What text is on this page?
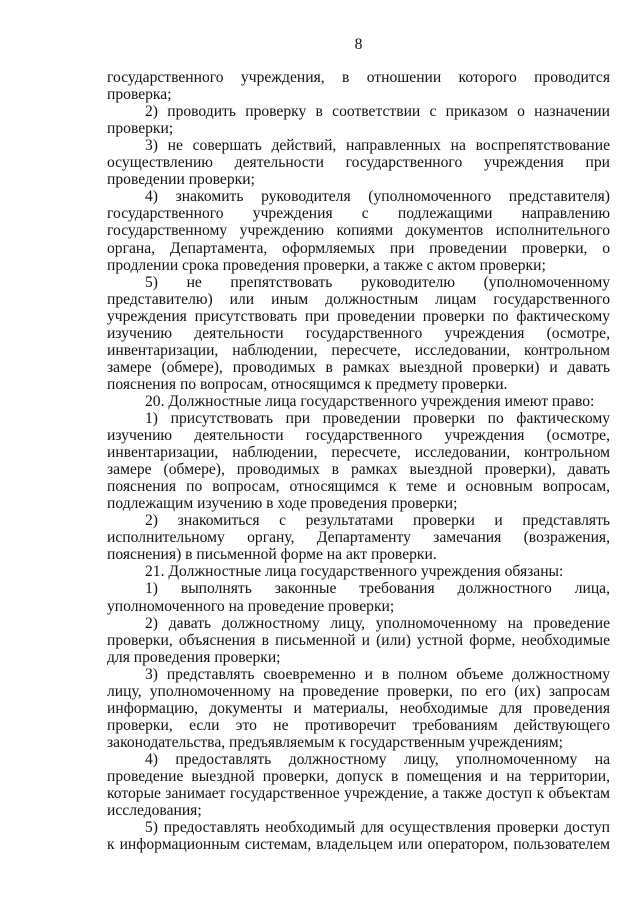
8

государственного учреждения, в отношении которого проводится проверка;

2) проводить проверку в соответствии с приказом о назначении проверки;

3) не совершать действий, направленных на воспрепятствование осуществлению деятельности государственного учреждения при проведении проверки;

4) знакомить руководителя (уполномоченного представителя) государственного учреждения с подлежащими направлению государственному учреждению копиями документов исполнительного органа, Департамента, оформляемых при проведении проверки, о продлении срока проведения проверки, а также с актом проверки;

5) не препятствовать руководителю (уполномоченному представителю) или иным должностным лицам государственного учреждения присутствовать при проведении проверки по фактическому изучению деятельности государственного учреждения (осмотре, инвентаризации, наблюдении, пересчете, исследовании, контрольном замере (обмере), проводимых в рамках выездной проверки) и давать пояснения по вопросам, относящимся к предмету проверки.

20. Должностные лица государственного учреждения имеют право:

1) присутствовать при проведении проверки по фактическому изучению деятельности государственного учреждения (осмотре, инвентаризации, наблюдении, пересчете, исследовании, контрольном замере (обмере), проводимых в рамках выездной проверки), давать пояснения по вопросам, относящимся к теме и основным вопросам, подлежащим изучению в ходе проведения проверки;

2) знакомиться с результатами проверки и представлять исполнительному органу, Департаменту замечания (возражения, пояснения) в письменной форме на акт проверки.

21. Должностные лица государственного учреждения обязаны:

1) выполнять законные требования должностного лица, уполномоченного на проведение проверки;

2) давать должностному лицу, уполномоченному на проведение проверки, объяснения в письменной и (или) устной форме, необходимые для проведения проверки;

3) представлять своевременно и в полном объеме должностному лицу, уполномоченному на проведение проверки, по его (их) запросам информацию, документы и материалы, необходимые для проведения проверки, если это не противоречит требованиям действующего законодательства, предъявляемым к государственным учреждениям;

4) предоставлять должностному лицу, уполномоченному на проведение выездной проверки, допуск в помещения и на территории, которые занимает государственное учреждение, а также доступ к объектам исследования;

5) предоставлять необходимый для осуществления проверки доступ к информационным системам, владельцем или оператором, пользователем
